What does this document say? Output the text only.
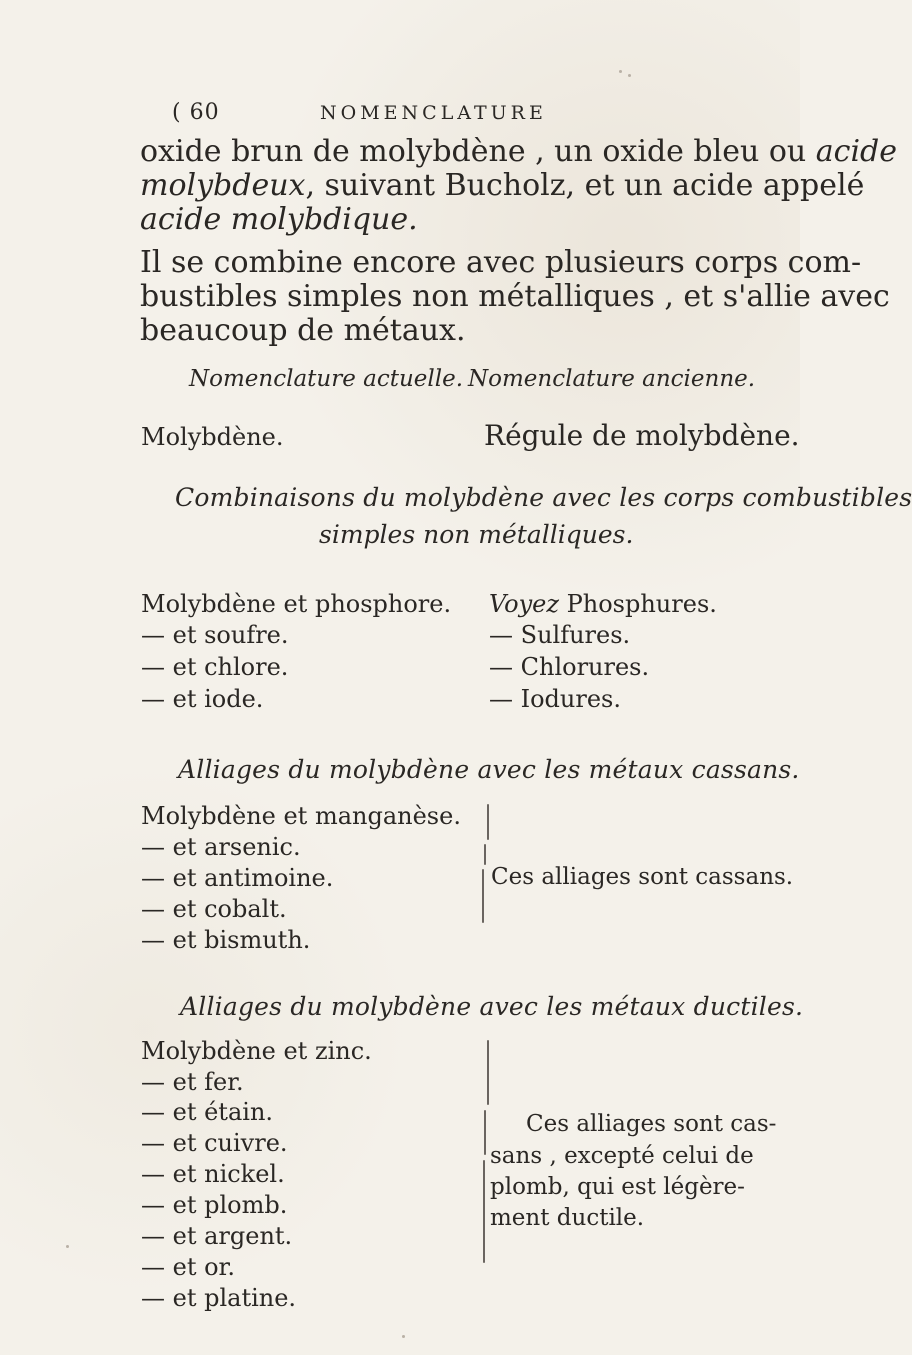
( 60	NOMENCLATURE
oxide brun de molybdène , un oxide bleu ou acide
molybdeux, suivant Bucholz, et un acide appelé
acide molybdique.
Il se combine encore avec plusieurs corps com-
bustibles simples non métalliques , et s'allie avec
beaucoup de métaux.
Nomenclature actuelle. Nomenclature ancienne.
Molybdène.	Régule de molybdène.
Combinaisons du molybdène avec les corps combustibles
simples non métalliques.
Molybdène et phosphore.
— et soufre.
— et chlore.
— et iode.
Voyez Phosphures.
— Sulfures.
— Chlorures.
— Iodures.
Alliages du molybdène avec les métaux cassans.
Molybdène et manganèse.
— et arsenic.
— et antimoine.
— et cobalt.
— et bismuth.
Ces alliages sont cassans.
Alliages du molybdène avec les métaux ductiles.
Molybdène et zinc.
— et fer.
— et étain.
— et cuivre.
— et nickel.
— et plomb.
— et argent.
— et or.
— et platine.
Ces alliages sont cas-
sans , excepté celui de
plomb, qui est légère-
ment ductile.
